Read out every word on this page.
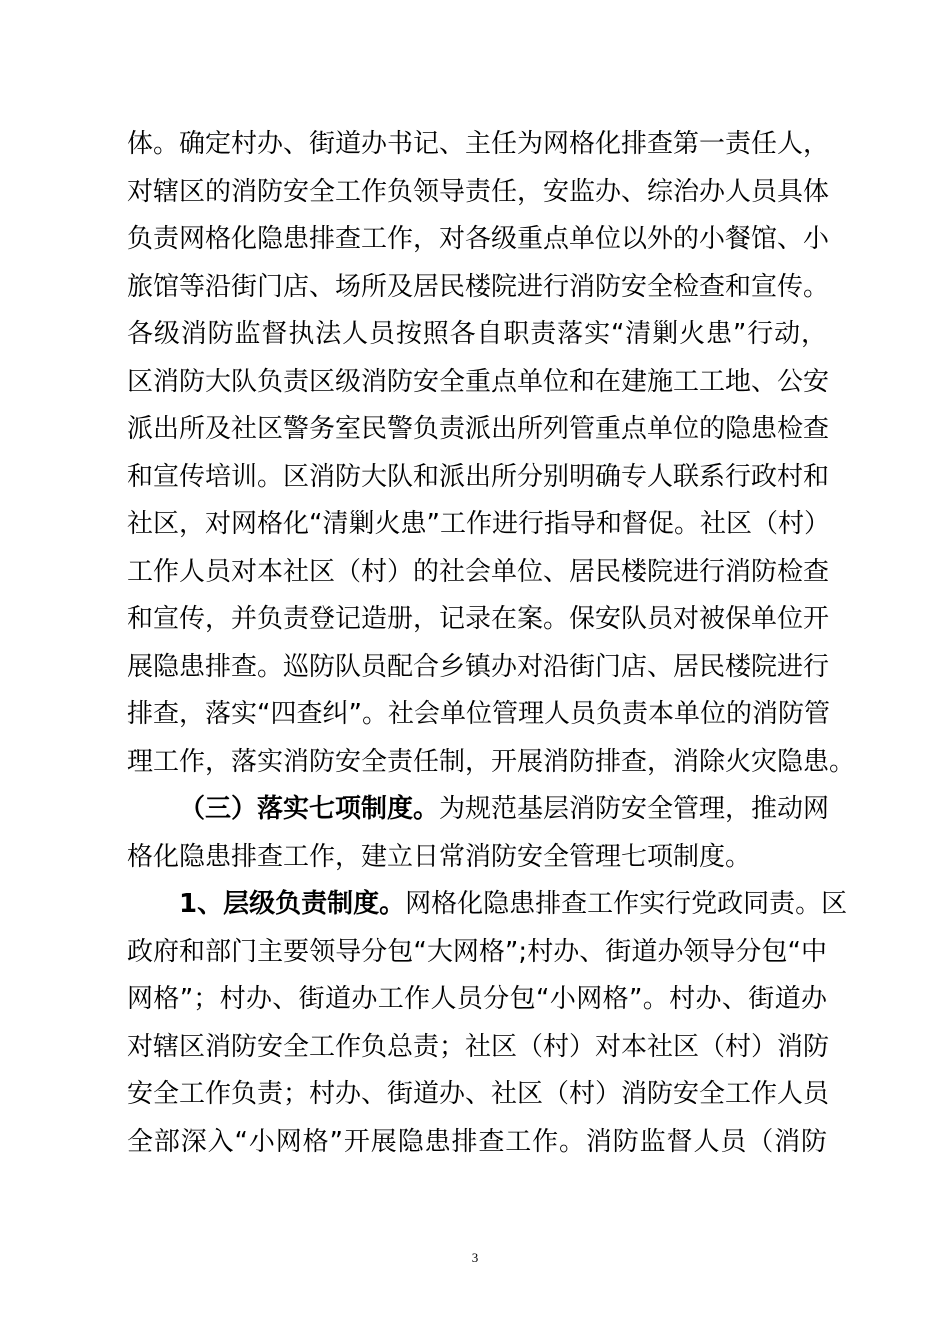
体。确定村办、街道办书记、主任为网格化排查第一责任人，
对辖区的消防安全工作负领导责任，安监办、综治办人员具体
负责网格化隐患排查工作，对各级重点单位以外的小餐馆、小
旅馆等沿街门店、场所及居民楼院进行消防安全检查和宣传。
各级消防监督执法人员按照各自职责落实“清剿火患”行动，
区消防大队负责区级消防安全重点单位和在建施工工地、公安
派出所及社区警务室民警负责派出所列管重点单位的隐患检查
和宣传培训。区消防大队和派出所分别明确专人联系行政村和
社区，对网格化“清剿火患”工作进行指导和督促。社区（村）
工作人员对本社区（村）的社会单位、居民楼院进行消防检查
和宣传，并负责登记造册，记录在案。保安队员对被保单位开
展隐患排查。巡防队员配合乡镇办对沿街门店、居民楼院进行
排查，落实“四查纠”。社会单位管理人员负责本单位的消防管
理工作，落实消防安全责任制，开展消防排查，消除火灾隐患。
（三）落实七项制度。为规范基层消防安全管理，推动网
格化隐患排查工作，建立日常消防安全管理七项制度。
1、层级负责制度。网格化隐患排查工作实行党政同责。区
政府和部门主要领导分包“大网格”;村办、街道办领导分包“中
网格”；村办、街道办工作人员分包“小网格”。村办、街道办
对辖区消防安全工作负总责；社区（村）对本社区（村）消防
安全工作负责；村办、街道办、社区（村）消防安全工作人员
全部深入“小网格”开展隐患排查工作。消防监督人员（消防
3
